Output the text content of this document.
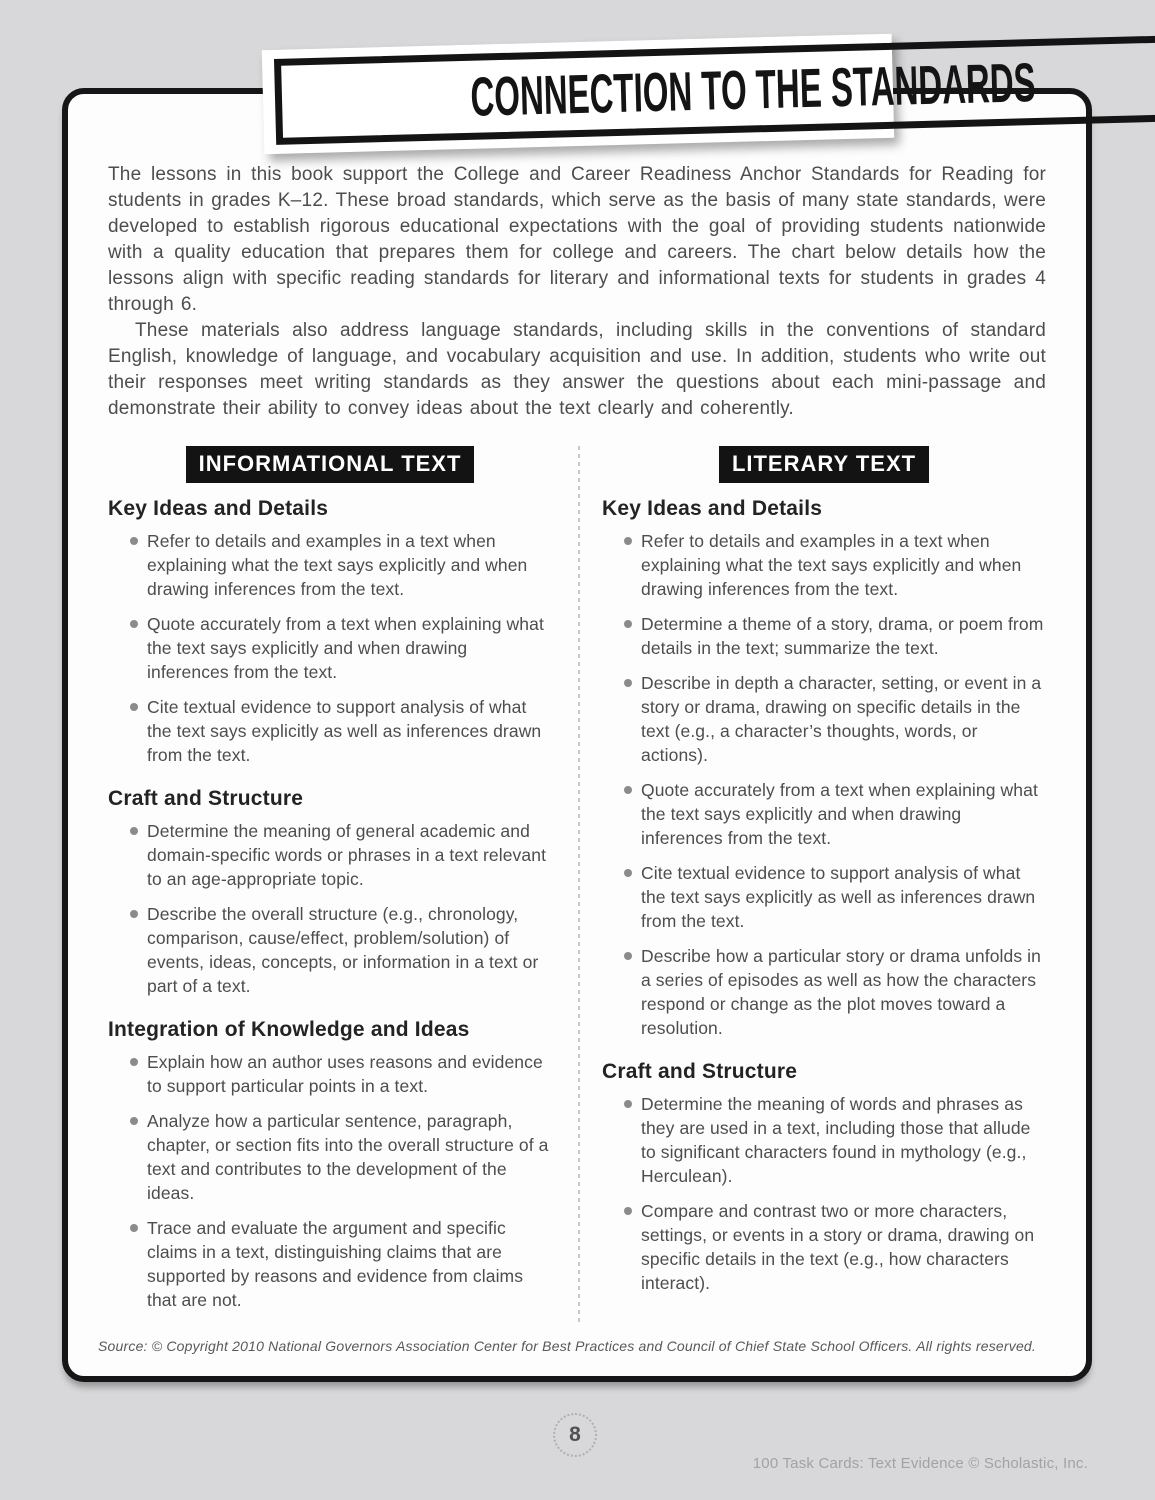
The lessons in this book support the College and Career Readiness Anchor Standards for Reading for students in grades K–12. These broad standards, which serve as the basis of many state standards, were developed to establish rigorous educational expectations with the goal of providing students nationwide with a quality education that prepares them for college and careers. The chart below details how the lessons align with specific reading standards for literary and informational texts for students in grades 4 through 6.

These materials also address language standards, including skills in the conventions of standard English, knowledge of language, and vocabulary acquisition and use. In addition, students who write out their responses meet writing standards as they answer the questions about each mini-passage and demonstrate their ability to convey ideas about the text clearly and coherently.

INFORMATIONAL TEXT
Key Ideas and Details
Refer to details and examples in a text when explaining what the text says explicitly and when drawing inferences from the text.
Quote accurately from a text when explaining what the text says explicitly and when drawing inferences from the text.
Cite textual evidence to support analysis of what the text says explicitly as well as inferences drawn from the text.
Craft and Structure
Determine the meaning of general academic and domain-specific words or phrases in a text relevant to an age-appropriate topic.
Describe the overall structure (e.g., chronology, comparison, cause/effect, problem/solution) of events, ideas, concepts, or information in a text or part of a text.
Integration of Knowledge and Ideas
Explain how an author uses reasons and evidence to support particular points in a text.
Analyze how a particular sentence, paragraph, chapter, or section fits into the overall structure of a text and contributes to the development of the ideas.
Trace and evaluate the argument and specific claims in a text, distinguishing claims that are supported by reasons and evidence from claims that are not.
LITERARY TEXT
Key Ideas and Details
Refer to details and examples in a text when explaining what the text says explicitly and when drawing inferences from the text.
Determine a theme of a story, drama, or poem from details in the text; summarize the text.
Describe in depth a character, setting, or event in a story or drama, drawing on specific details in the text (e.g., a character’s thoughts, words, or actions).
Quote accurately from a text when explaining what the text says explicitly and when drawing inferences from the text.
Cite textual evidence to support analysis of what the text says explicitly as well as inferences drawn from the text.
Describe how a particular story or drama unfolds in a series of episodes as well as how the characters respond or change as the plot moves toward a resolution.
Craft and Structure
Determine the meaning of words and phrases as they are used in a text, including those that allude to significant characters found in mythology (e.g., Herculean).
Compare and contrast two or more characters, settings, or events in a story or drama, drawing on specific details in the text (e.g., how characters interact).
Source: © Copyright 2010 National Governors Association Center for Best Practices and Council of Chief State School Officers. All rights reserved.
CONNECTION TO THE STANDARDS
8
100 Task Cards: Text Evidence © Scholastic, Inc.
